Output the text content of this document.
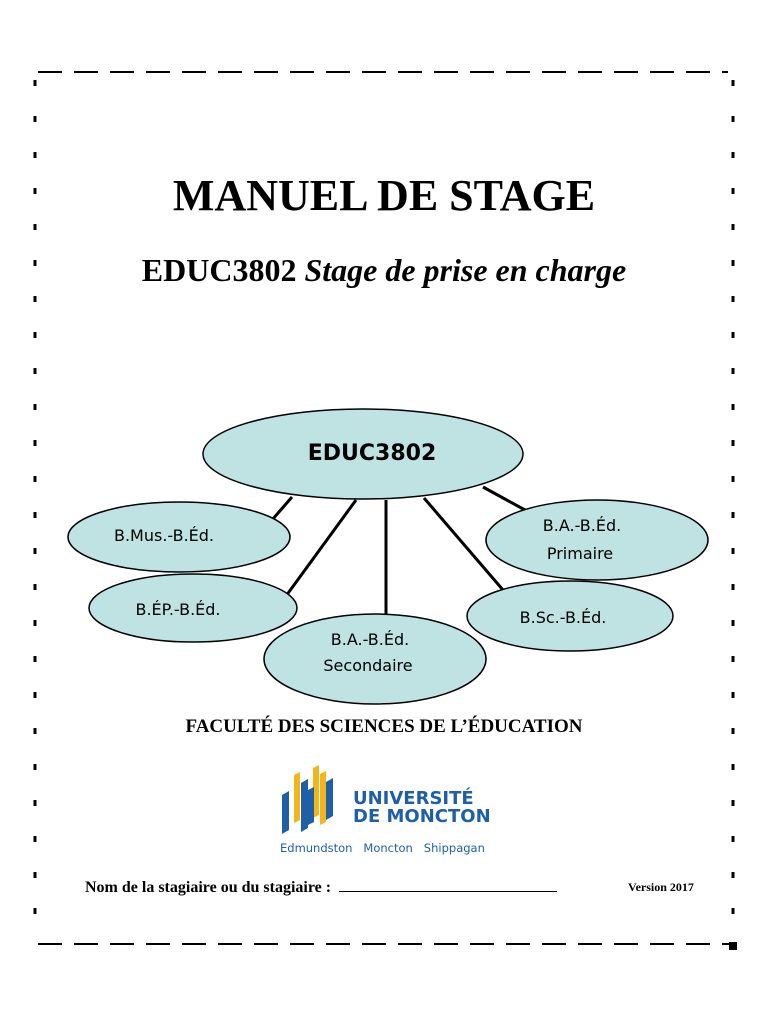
MANUEL DE STAGE
EDUC3802 Stage de prise en charge
EDUC3802
B.Mus.-B.Éd.
B.ÉP.-B.Éd.
B.A.-B.Éd.
Secondaire
B.Sc.-B.Éd.
B.A.-B.Éd.
Primaire
FACULTÉ DES SCIENCES DE L’ÉDUCATION
UNIVERSITÉ
DE MONCTON
Edmundston   Moncton   Shippagan
Nom de la stagiaire ou du stagiaire :	Version 2017
